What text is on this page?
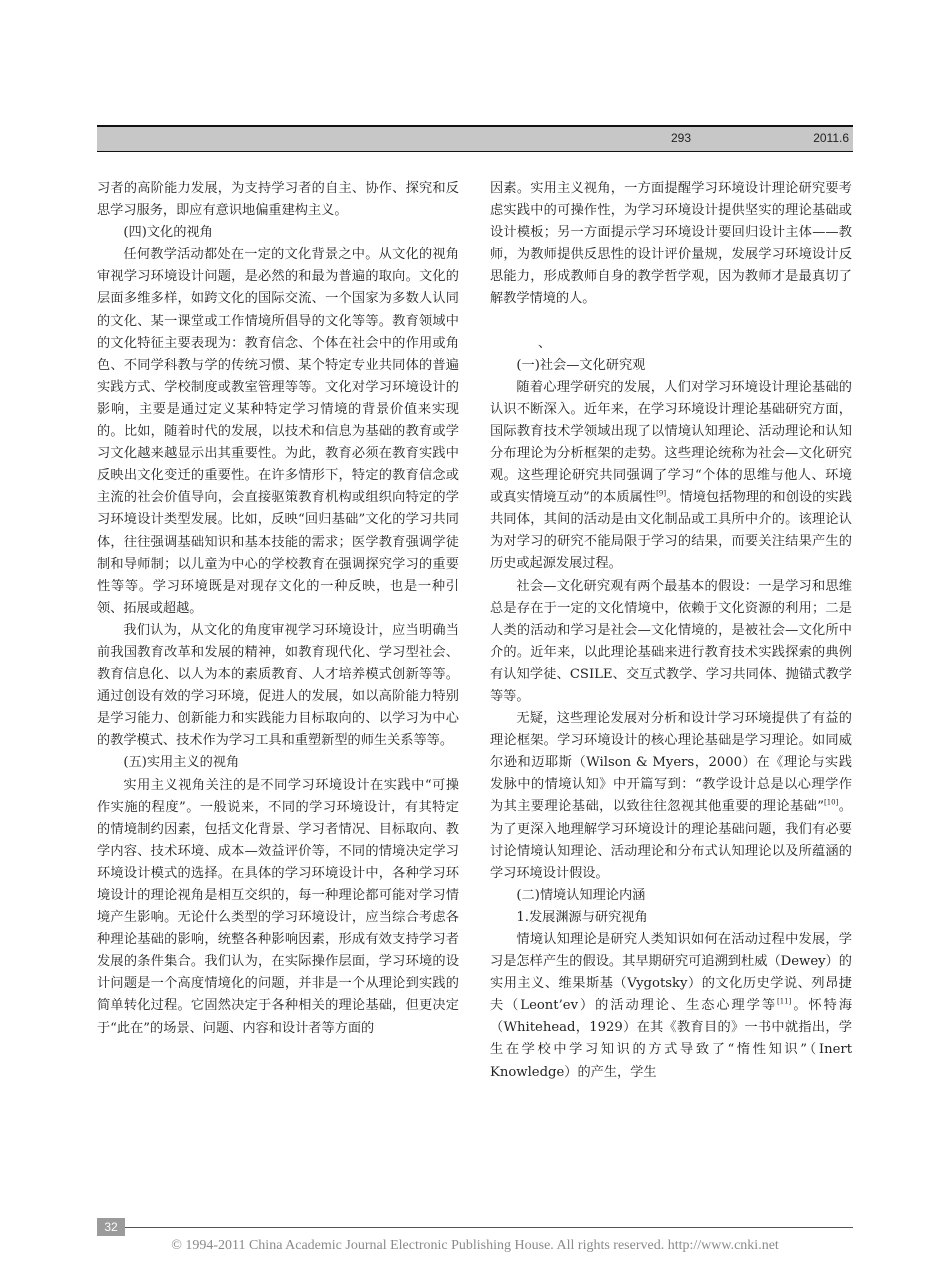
293	2011.6

习者的高阶能力发展，为支持学习者的自主、协作、探究和反思学习服务，即应有意识地偏重建构主义。

(四)文化的视角

任何教学活动都处在一定的文化背景之中。从文化的视角审视学习环境设计问题，是必然的和最为普遍的取向。文化的层面多维多样，如跨文化的国际交流、一个国家为多数人认同的文化、某一课堂或工作情境所倡导的文化等等。教育领域中的文化特征主要表现为：教育信念、个体在社会中的作用或角色、不同学科教与学的传统习惯、某个特定专业共同体的普遍实践方式、学校制度或教室管理等等。文化对学习环境设计的影响，主要是通过定义某种特定学习情境的背景价值来实现的。比如，随着时代的发展，以技术和信息为基础的教育或学习文化越来越显示出其重要性。为此，教育必须在教育实践中反映出文化变迁的重要性。在许多情形下，特定的教育信念或主流的社会价值导向，会直接驱策教育机构或组织向特定的学习环境设计类型发展。比如，反映“回归基础”文化的学习共同体，往往强调基础知识和基本技能的需求；医学教育强调学徒制和导师制；以儿童为中心的学校教育在强调探究学习的重要性等等。学习环境既是对现存文化的一种反映，也是一种引领、拓展或超越。

我们认为，从文化的角度审视学习环境设计，应当明确当前我国教育改革和发展的精神，如教育现代化、学习型社会、教育信息化、以人为本的素质教育、人才培养模式创新等等。通过创设有效的学习环境，促进人的发展，如以高阶能力特别是学习能力、创新能力和实践能力目标取向的、以学习为中心的教学模式、技术作为学习工具和重塑新型的师生关系等等。

(五)实用主义的视角

实用主义视角关注的是不同学习环境设计在实践中“可操作实施的程度”。一般说来，不同的学习环境设计，有其特定的情境制约因素，包括文化背景、学习者情况、目标取向、教学内容、技术环境、成本—效益评价等，不同的情境决定学习环境设计模式的选择。在具体的学习环境设计中，各种学习环境设计的理论视角是相互交织的，每一种理论都可能对学习情境产生影响。无论什么类型的学习环境设计，应当综合考虑各种理论基础的影响，统整各种影响因素，形成有效支持学习者发展的条件集合。我们认为，在实际操作层面，学习环境的设计问题是一个高度情境化的问题，并非是一个从理论到实践的简单转化过程。它固然决定于各种相关的理论基础，但更决定于“此在”的场景、问题、内容和设计者等方面的

因素。实用主义视角，一方面提醒学习环境设计理论研究要考虑实践中的可操作性，为学习环境设计提供坚实的理论基础或设计模板；另一方面提示学习环境设计要回归设计主体——教师，为教师提供反思性的设计评价量规，发展学习环境设计反思能力，形成教师自身的教学哲学观，因为教师才是最真切了解教学情境的人。

、

(一)社会—文化研究观

随着心理学研究的发展，人们对学习环境设计理论基础的认识不断深入。近年来，在学习环境设计理论基础研究方面，国际教育技术学领域出现了以情境认知理论、活动理论和认知分布理论为分析框架的走势。这些理论统称为社会—文化研究观。这些理论研究共同强调了学习“个体的思维与他人、环境或真实情境互动”的本质属性[9]。情境包括物理的和创设的实践共同体，其间的活动是由文化制品或工具所中介的。该理论认为对学习的研究不能局限于学习的结果，而要关注结果产生的历史或起源发展过程。

社会—文化研究观有两个最基本的假设：一是学习和思维总是存在于一定的文化情境中，依赖于文化资源的利用；二是人类的活动和学习是社会—文化情境的，是被社会—文化所中介的。近年来，以此理论基础来进行教育技术实践探索的典例有认知学徒、CSILE、交互式教学、学习共同体、抛锚式教学等等。

无疑，这些理论发展对分析和设计学习环境提供了有益的理论框架。学习环境设计的核心理论基础是学习理论。如同威尔逊和迈耶斯（Wilson & Myers，2000）在《理论与实践发脉中的情境认知》中开篇写到：“教学设计总是以心理学作为其主要理论基础，以致往往忽视其他重要的理论基础”[10]。为了更深入地理解学习环境设计的理论基础问题，我们有必要讨论情境认知理论、活动理论和分布式认知理论以及所蕴涵的学习环境设计假设。

(二)情境认知理论内涵

1.发展渊源与研究视角

情境认知理论是研究人类知识如何在活动过程中发展，学习是怎样产生的假设。其早期研究可追溯到杜威（Dewey）的实用主义、维果斯基（Vygotsky）的文化历史学说、列昂捷夫（Leont’ev）的活动理论、生态心理学等[11]。怀特海（Whitehead，1929）在其《教育目的》一书中就指出，学生在学校中学习知识的方式导致了“惰性知识”（Inert Knowledge）的产生，学生

32
© 1994-2011 China Academic Journal Electronic Publishing House. All rights reserved. http://www.cnki.net
